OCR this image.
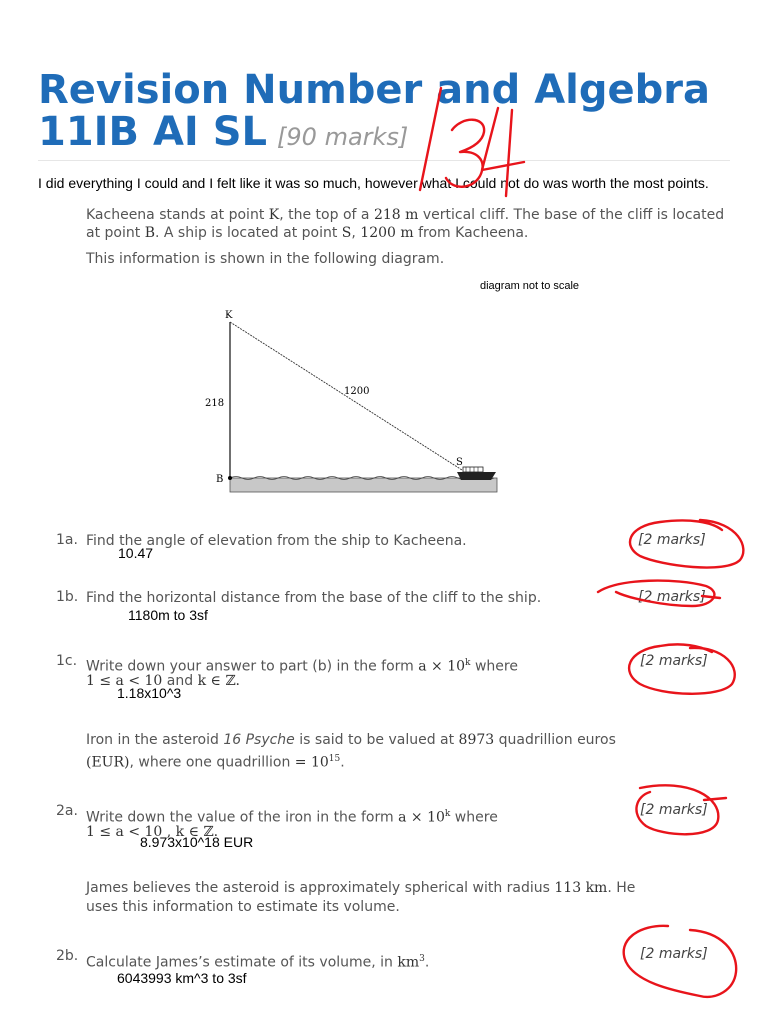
Revision Number and Algebra
11IB AI SL [90 marks]
I did everything I could and I felt like it was so much, however what I could not do was worth the most points.
Kacheena stands at point K, the top of a 218 m vertical cliff. The base of the cliff is located at point B. A ship is located at point S, 1200 m from Kacheena.
This information is shown in the following diagram.
diagram not to scale
K
B
S
218
1200
1a. Find the angle of elevation from the ship to Kacheena.	[2 marks]
10.47
1b. Find the horizontal distance from the base of the cliff to the ship.	[2 marks]
1180m to 3sf
1c. Write down your answer to part (b) in the form $a \times 10^k$ where
1 ≤ a < 10 and k ∈ ℤ.
[2 marks]
1.18x10^3
Iron in the asteroid 16 Psyche is said to be valued at 8973 quadrillion euros
(EUR), where one quadrillion = $10^{15}$.
2a. Write down the value of the iron in the form $a \times 10^k$ where
1 ≤ a < 10 , k ∈ ℤ.
[2 marks]
8.973x10^18 EUR
James believes the asteroid is approximately spherical with radius 113 km. He
uses this information to estimate its volume.
2b. Calculate James’s estimate of its volume, in $km^3$.
[2 marks]
6043993 km^3 to 3sf
